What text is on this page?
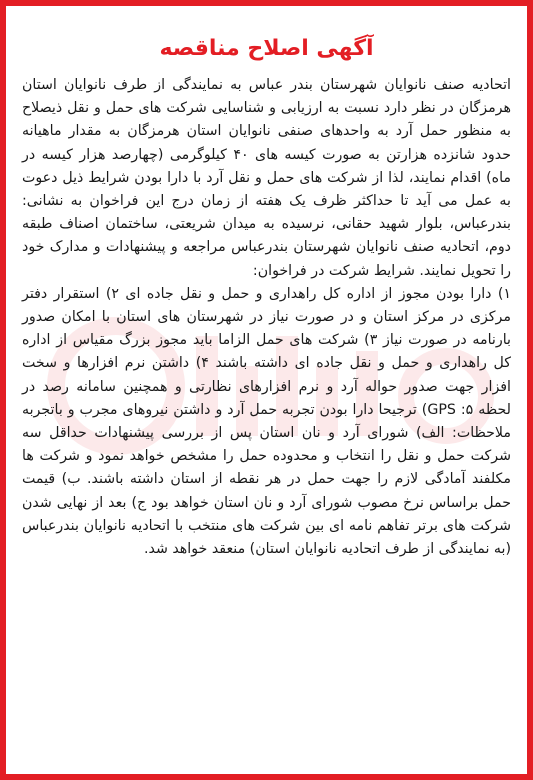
آگهی اصلاح مناقصه

اتحادیه صنف نانوایان شهرستان بندر عباس به نمایندگی از طرف نانوایان استان هرمزگان در نظر دارد نسبت به ارزیابی و شناسایی شرکت های حمل و نقل ذیصلاح به منظور حمل آرد به واحدهای صنفی نانوایان استان هرمزگان به مقدار ماهیانه حدود شانزده هزارتن به صورت کیسه های ۴۰ کیلوگرمی (چهارصد هزار کیسه در ماه) اقدام نمایند، لذا از شرکت های حمل و نقل آرد با دارا بودن شرایط ذیل دعوت به عمل می آید تا حداکثر ظرف یک هفته از زمان درج این فراخوان به نشانی: بندرعباس، بلوار شهید حقانی، نرسیده به میدان شریعتی، ساختمان اصناف طبقه دوم، اتحادیه صنف نانوایان شهرستان بندرعباس مراجعه و پیشنهادات و مدارک خود را تحویل نمایند. شرایط شرکت در فراخوان:

۱) دارا بودن مجوز از اداره کل راهداری و حمل و نقل جاده ای ۲) استقرار دفتر مرکزی در مرکز استان و در صورت نیاز در شهرستان های استان با امکان صدور بارنامه در صورت نیاز ۳) شرکت های حمل الزاما باید مجوز بزرگ مقیاس از اداره کل راهداری و حمل و نقل جاده ای داشته باشند ۴) داشتن نرم افزارها و سخت افزار جهت صدور حواله آرد و نرم افزارهای نظارتی و همچنین سامانه رصد در لحظه GPS :۵) ترجیحا دارا بودن تجربه حمل آرد و داشتن نیروهای مجرب و باتجربه ملاحظات: الف) شورای آرد و نان استان پس از بررسی پیشنهادات حداقل سه شرکت حمل و نقل را انتخاب و محدوده حمل را مشخص خواهد نمود و شرکت ها مکلفند آمادگی لازم را جهت حمل در هر نقطه از استان داشته باشند. ب) قیمت حمل براساس نرخ مصوب شورای آرد و نان استان خواهد بود ج) بعد از نهایی شدن شرکت های برتر تفاهم نامه ای بین شرکت های منتخب با اتحادیه نانوایان بندرعباس (به نمایندگی از طرف اتحادیه نانوایان استان) منعقد خواهد شد.
